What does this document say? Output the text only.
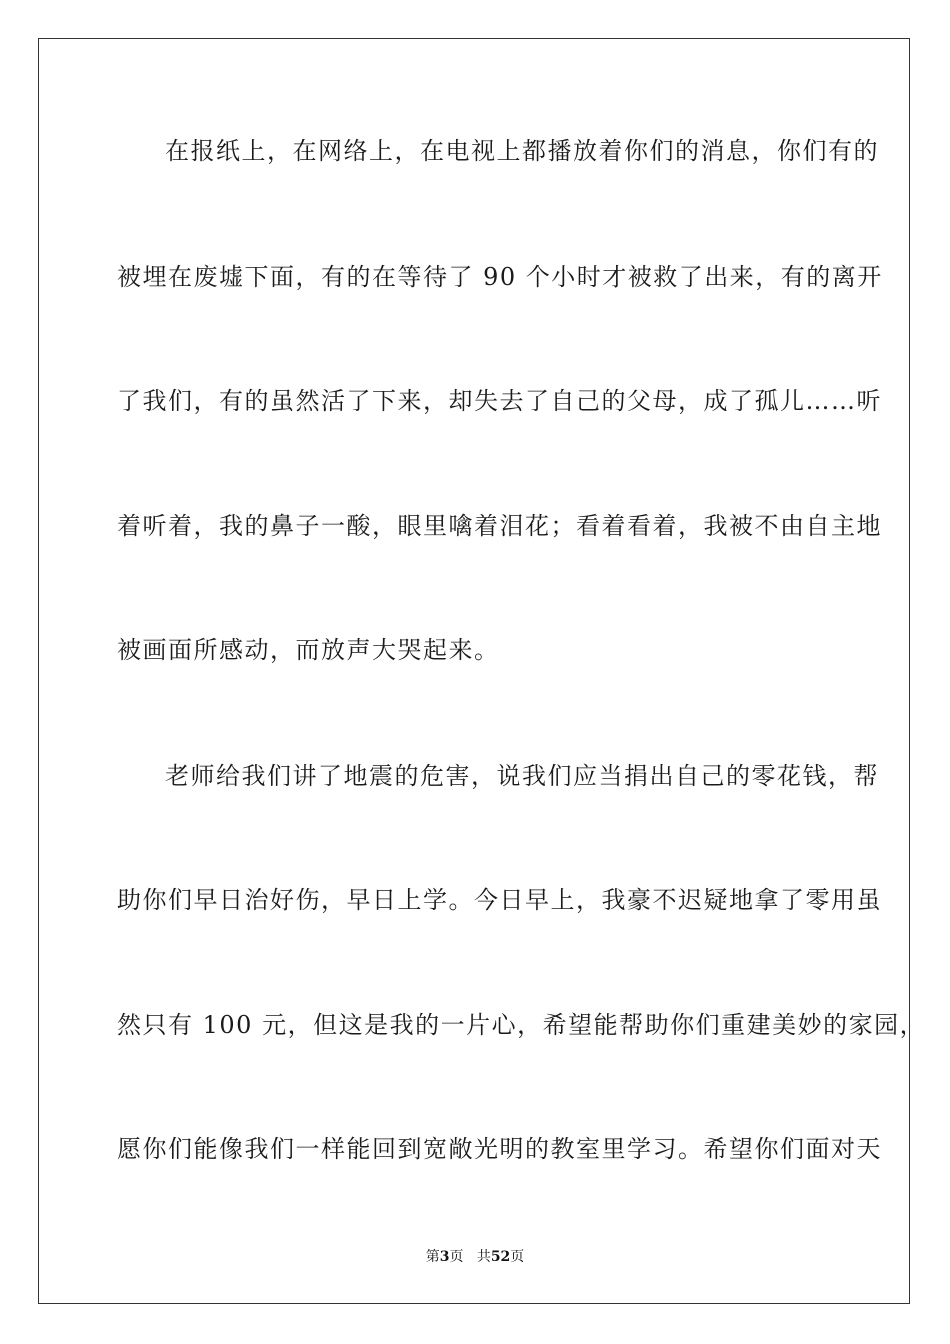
在报纸上，在网络上，在电视上都播放着你们的消息，你们有的

被埋在废墟下面，有的在等待了 90 个小时才被救了出来，有的离开

了我们，有的虽然活了下来，却失去了自己的父母，成了孤儿……听

着听着，我的鼻子一酸，眼里噙着泪花；看着看着，我被不由自主地

被画面所感动，而放声大哭起来。

老师给我们讲了地震的危害，说我们应当捐出自己的零花钱，帮

助你们早日治好伤，早日上学。今日早上，我豪不迟疑地拿了零用虽

然只有 100 元，但这是我的一片心，希望能帮助你们重建美妙的家园，

愿你们能像我们一样能回到宽敞光明的教室里学习。希望你们面对天

第3页 共52页
